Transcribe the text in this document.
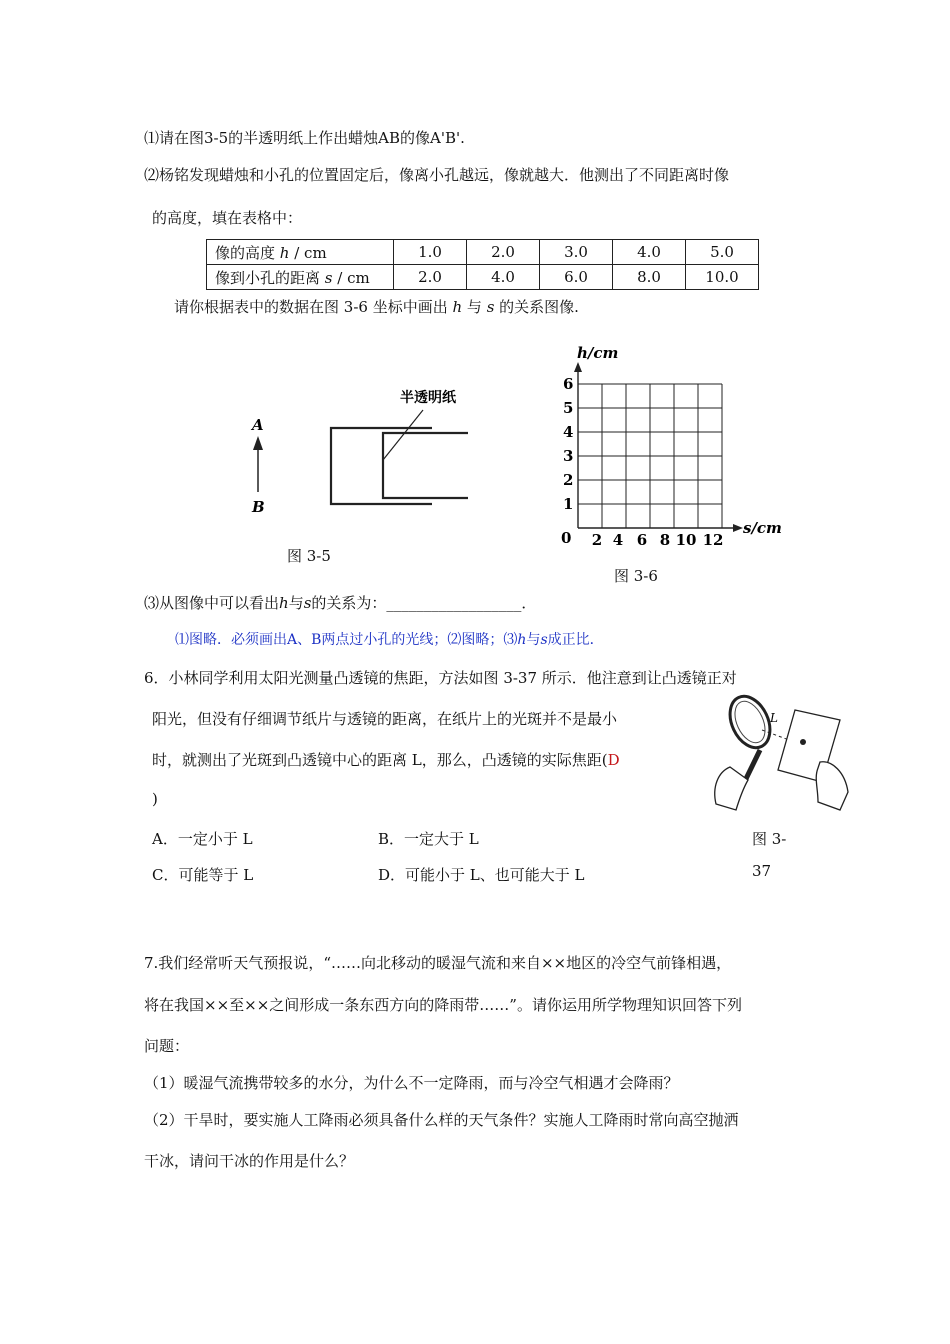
⑴请在图3-5的半透明纸上作出蜡烛AB的像A'B'.
⑵杨铭发现蜡烛和小孔的位置固定后，像离小孔越远，像就越大．他测出了不同距离时像
的高度，填在表格中：
像的高度 h / cm	1.0	2.0	3.0	4.0	5.0
像到小孔的距离 s / cm	2.0	4.0	6.0	8.0	10.0
请你根据表中的数据在图 3-6 坐标中画出 h 与 s 的关系图像.
A
B
半透明纸
图 3-5
h/cm
1
2
3
4
5
6
2 4 6 8 10 12
0
s/cm
图 3-6
⑶从图像中可以看出h与s的关系为：__________________．
⑴图略．必须画出A、B两点过小孔的光线；⑵图略；⑶h与s成正比．
6．小林同学利用太阳光测量凸透镜的焦距，方法如图 3-37 所示．他注意到让凸透镜正对
阳光，但没有仔细调节纸片与透镜的距离，在纸片上的光斑并不是最小
时，就测出了光斑到凸透镜中心的距离 L，那么，凸透镜的实际焦距(D
)
A．一定小于 L	B．一定大于 L
C．可能等于 L	D．可能小于 L、也可能大于 L
L
图 3-
37
7.我们经常听天气预报说，“……向北移动的暖湿气流和来自××地区的冷空气前锋相遇，
将在我国××至××之间形成一条东西方向的降雨带……”。请你运用所学物理知识回答下列
问题：
（1）暖湿气流携带较多的水分，为什么不一定降雨，而与冷空气相遇才会降雨？
（2）干旱时，要实施人工降雨必须具备什么样的天气条件？实施人工降雨时常向高空抛洒
干冰，请问干冰的作用是什么？
